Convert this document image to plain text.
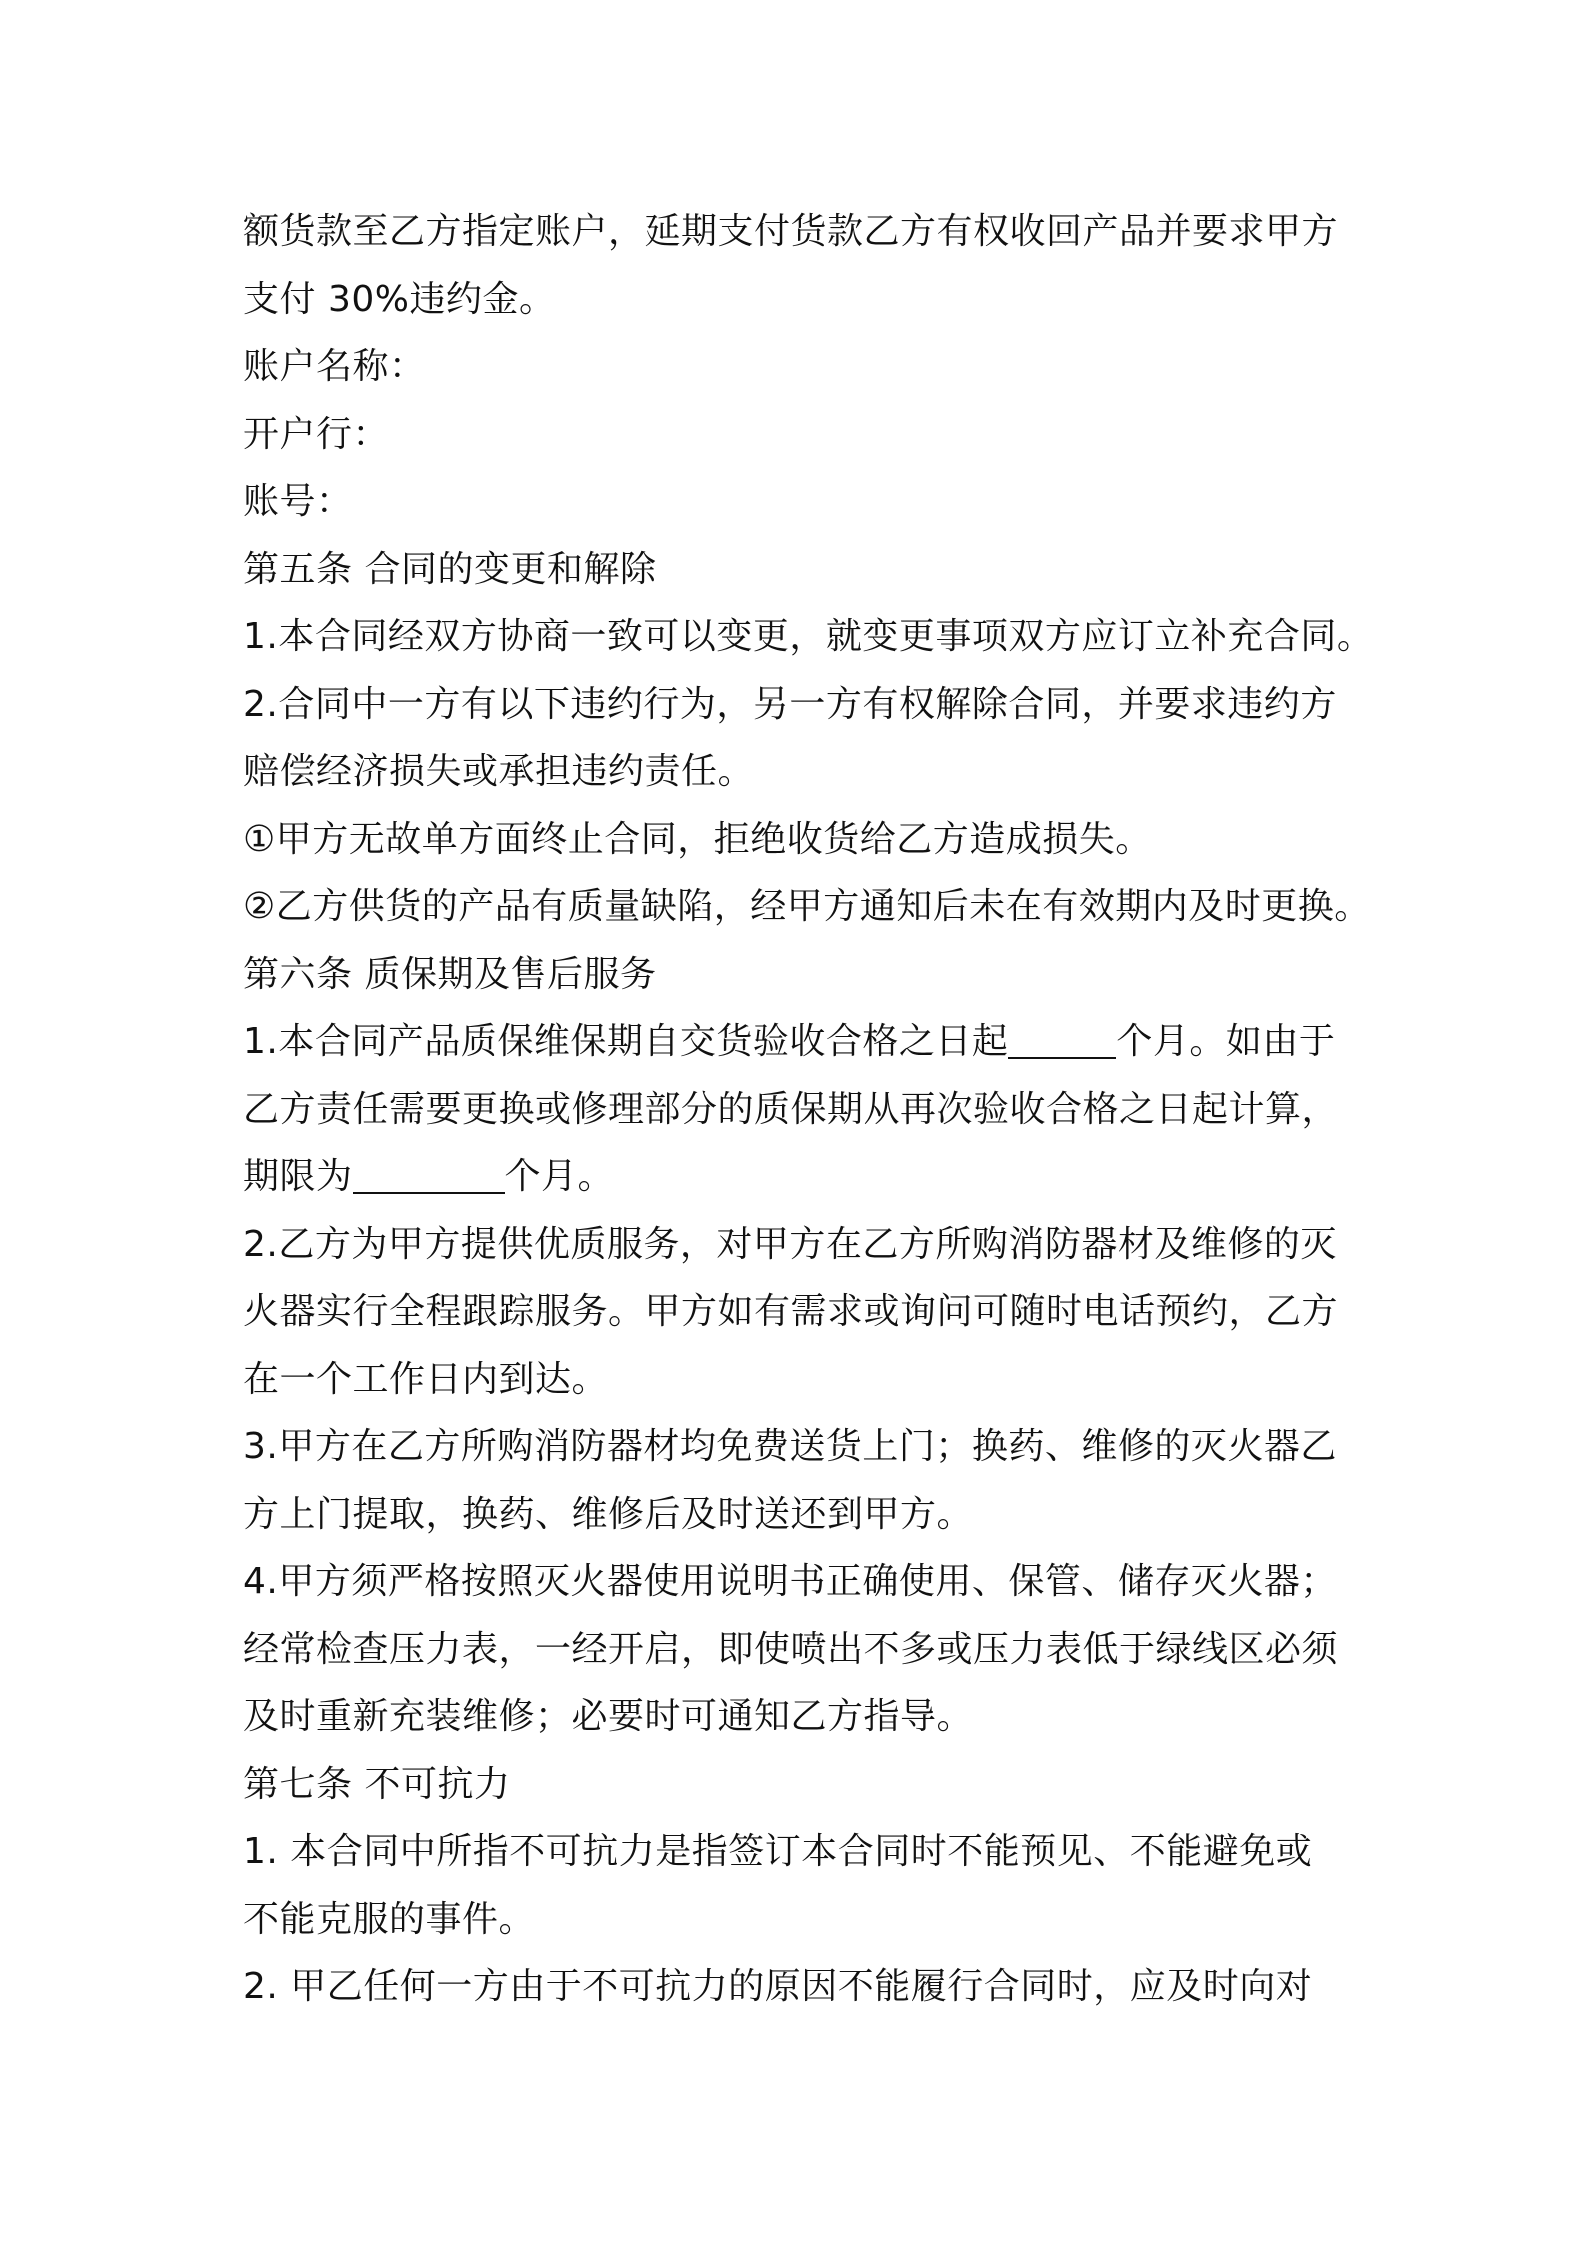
额货款至乙方指定账户，延期支付货款乙方有权收回产品并要求甲方
支付 30%违约金。
账户名称：
开户行：
账号：
第五条 合同的变更和解除
1.本合同经双方协商一致可以变更，就变更事项双方应订立补充合同。
2.合同中一方有以下违约行为，另一方有权解除合同，并要求违约方
赔偿经济损失或承担违约责任。
①甲方无故单方面终止合同，拒绝收货给乙方造成损失。
②乙方供货的产品有质量缺陷，经甲方通知后未在有效期内及时更换。
第六条 质保期及售后服务
1.本合同产品质保维保期自交货验收合格之日起	个月。如由于
乙方责任需要更换或修理部分的质保期从再次验收合格之日起计算，
期限为	个月。
2.乙方为甲方提供优质服务，对甲方在乙方所购消防器材及维修的灭
火器实行全程跟踪服务。甲方如有需求或询问可随时电话预约，乙方
在一个工作日内到达。
3.甲方在乙方所购消防器材均免费送货上门；换药、维修的灭火器乙
方上门提取，换药、维修后及时送还到甲方。
4.甲方须严格按照灭火器使用说明书正确使用、保管、储存灭火器；
经常检查压力表，一经开启，即使喷出不多或压力表低于绿线区必须
及时重新充装维修；必要时可通知乙方指导。
第七条 不可抗力
1. 本合同中所指不可抗力是指签订本合同时不能预见、不能避免或
不能克服的事件。
2. 甲乙任何一方由于不可抗力的原因不能履行合同时，应及时向对
